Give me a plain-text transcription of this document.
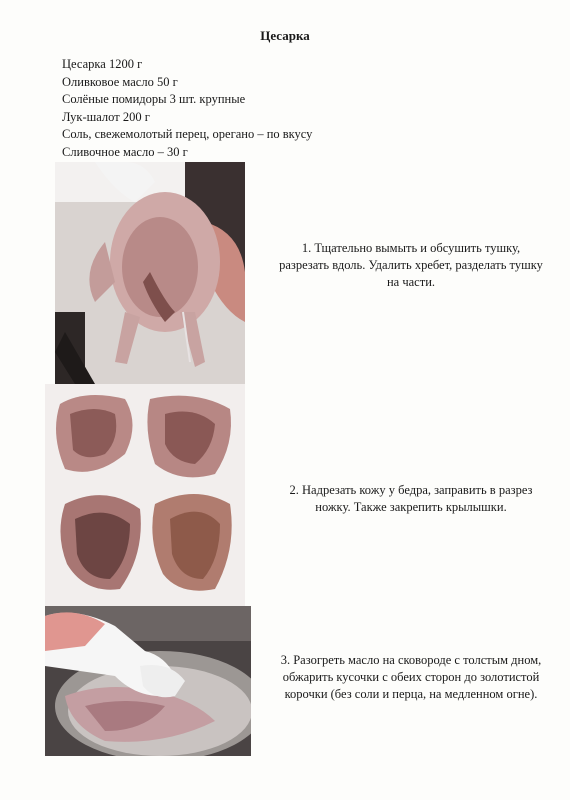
Цесарка
Цесарка 1200 г
Оливковое масло 50 г
Солёные помидоры 3 шт. крупные
Лук-шалот 200 г
Соль, свежемолотый перец, орегано – по вкусу
Сливочное масло – 30 г
1. Тщательно вымыть и обсушить тушку, разрезать вдоль. Удалить хребет, разделать тушку на части.
2. Надрезать кожу у бедра, заправить в разрез ножку. Также закрепить крылышки.
3. Разогреть масло на сковороде с толстым дном, обжарить кусочки с обеих сторон до золотистой корочки (без соли и перца, на медленном огне).
